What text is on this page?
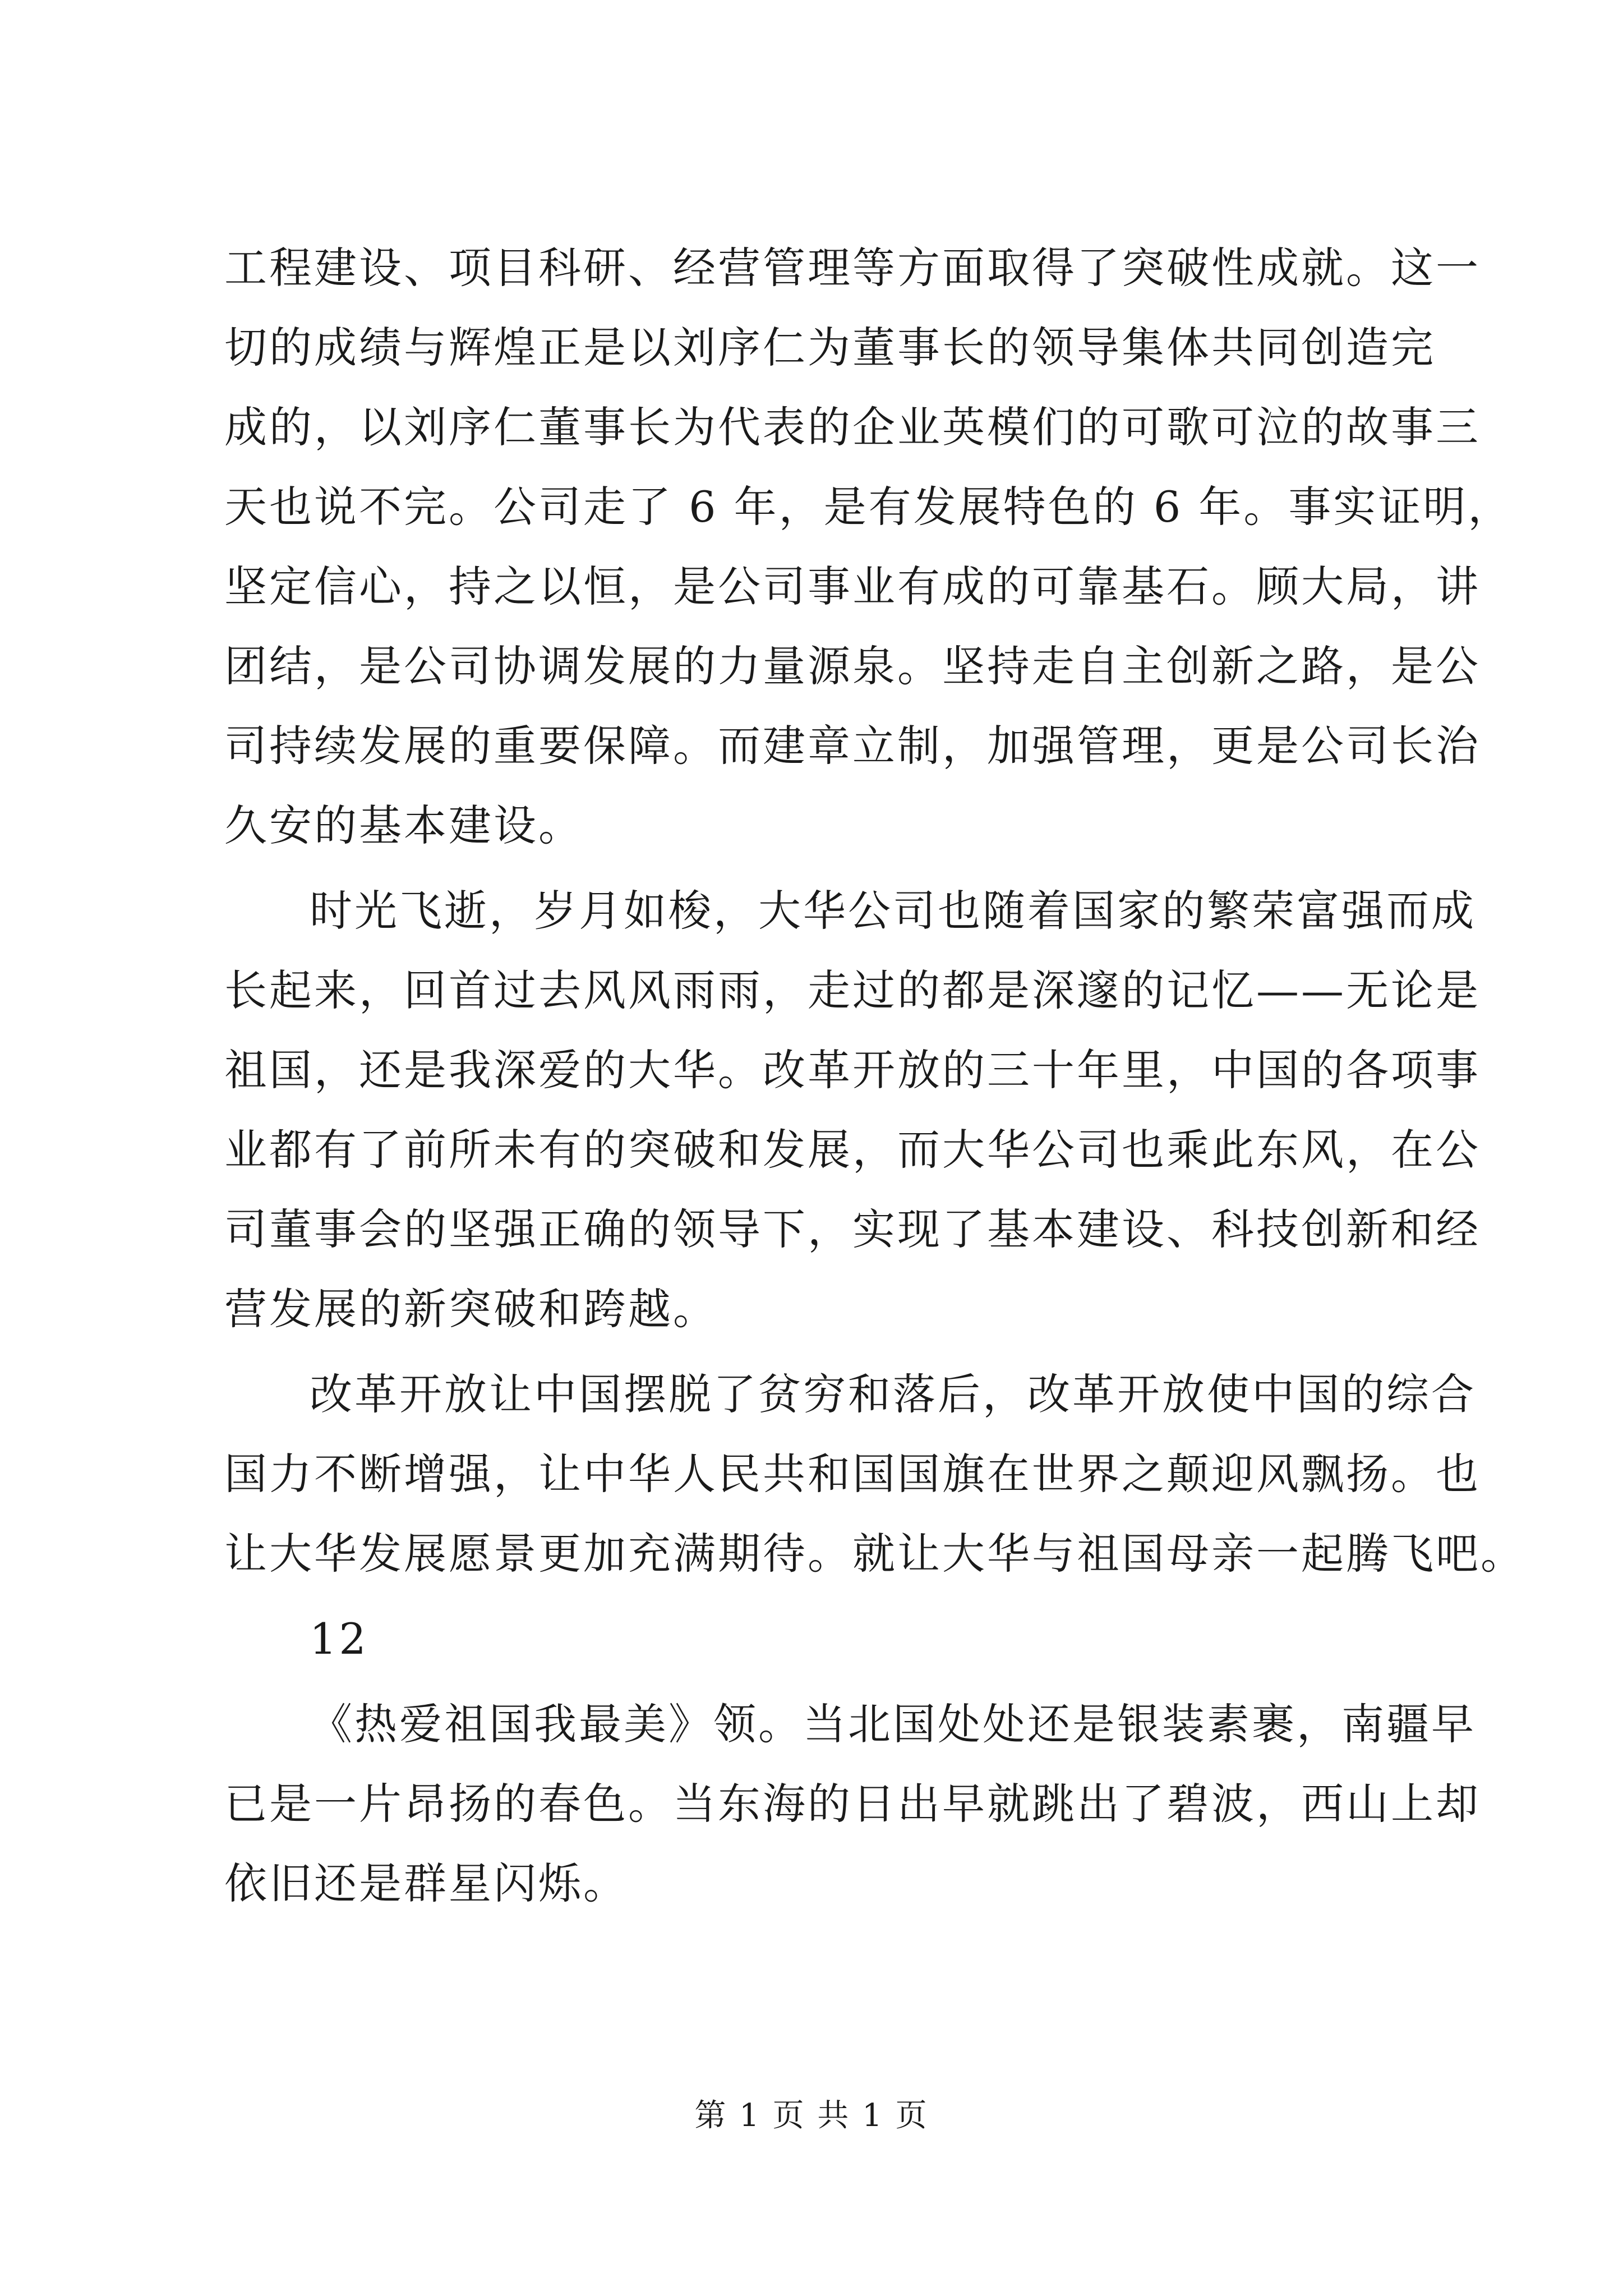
工程建设、项目科研、经营管理等方面取得了突破性成就。这一
切的成绩与辉煌正是以刘序仁为董事长的领导集体共同创造完
成的，以刘序仁董事长为代表的企业英模们的可歌可泣的故事三
天也说不完。公司走了 6 年，是有发展特色的 6 年。事实证明，
坚定信心，持之以恒，是公司事业有成的可靠基石。顾大局，讲
团结，是公司协调发展的力量源泉。坚持走自主创新之路，是公
司持续发展的重要保障。而建章立制，加强管理，更是公司长治
久安的基本建设。
时光飞逝，岁月如梭，大华公司也随着国家的繁荣富强而成
长起来，回首过去风风雨雨，走过的都是深邃的记忆——无论是
祖国，还是我深爱的大华。改革开放的三十年里，中国的各项事
业都有了前所未有的突破和发展，而大华公司也乘此东风，在公
司董事会的坚强正确的领导下，实现了基本建设、科技创新和经
营发展的新突破和跨越。
改革开放让中国摆脱了贫穷和落后，改革开放使中国的综合
国力不断增强，让中华人民共和国国旗在世界之颠迎风飘扬。也
让大华发展愿景更加充满期待。就让大华与祖国母亲一起腾飞吧。
12
《热爱祖国我最美》领。当北国处处还是银装素裹，南疆早
已是一片昂扬的春色。当东海的日出早就跳出了碧波，西山上却
依旧还是群星闪烁。
第 1 页 共 1 页
